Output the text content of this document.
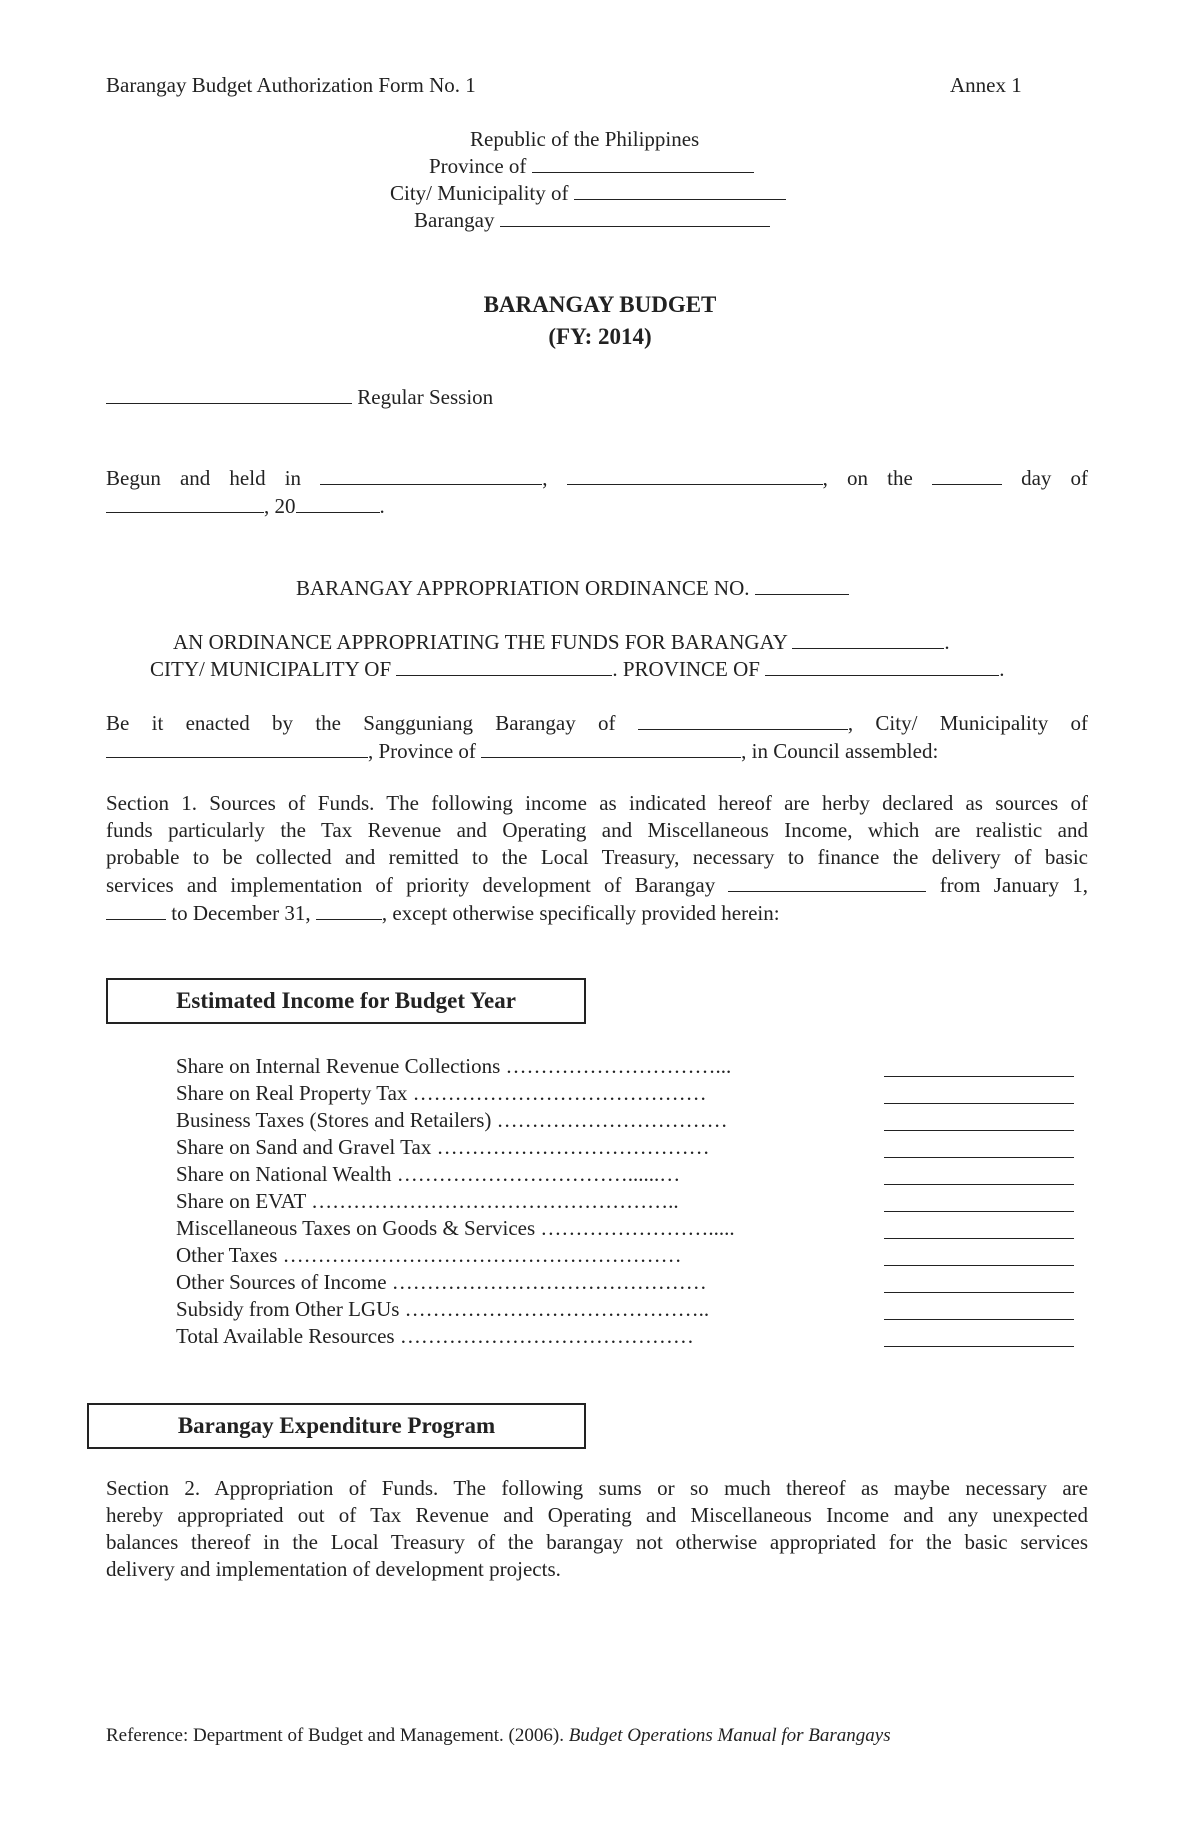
Barangay Budget Authorization Form No. 1	Annex 1
Republic of the Philippines
Province of
City/ Municipality of
Barangay
BARANGAY BUDGET
(FY: 2014)
Regular Session
Begun and held in	,	, on the	day of
, 20	.
BARANGAY APPROPRIATION ORDINANCE NO.
AN ORDINANCE APPROPRIATING THE FUNDS FOR BARANGAY	.
CITY/ MUNICIPALITY OF	. PROVINCE OF	.
Be it enacted by the Sangguniang Barangay of	, City/ Municipality of
, Province of	, in Council assembled:
Section 1. Sources of Funds. The following income as indicated hereof are herby declared as sources of
funds particularly the Tax Revenue and Operating and Miscellaneous Income, which are realistic and
probable to be collected and remitted to the Local Treasury, necessary to finance the delivery of basic
services and implementation of priority development of Barangay	from January 1,
to December 31,	, except otherwise specifically provided herein:
Estimated Income for Budget Year
Share on Internal Revenue Collections …………………………...
Share on Real Property Tax ……………………………………
Business Taxes (Stores and Retailers) ……………………………
Share on Sand and Gravel Tax …………………………………
Share on National Wealth ……………………………......…
Share on EVAT ……………………………………………..
Miscellaneous Taxes on Goods & Services …………………….....
Other Taxes …………………………………………………
Other Sources of Income ………………………………………
Subsidy from Other LGUs ……………………………………..
Total Available Resources ……………………………………
Barangay Expenditure Program
Section 2. Appropriation of Funds. The following sums or so much thereof as maybe necessary are
hereby appropriated out of Tax Revenue and Operating and Miscellaneous Income and any unexpected
balances thereof in the Local Treasury of the barangay not otherwise appropriated for the basic services
delivery and implementation of development projects.
Reference: Department of Budget and Management. (2006). Budget Operations Manual for Barangays
